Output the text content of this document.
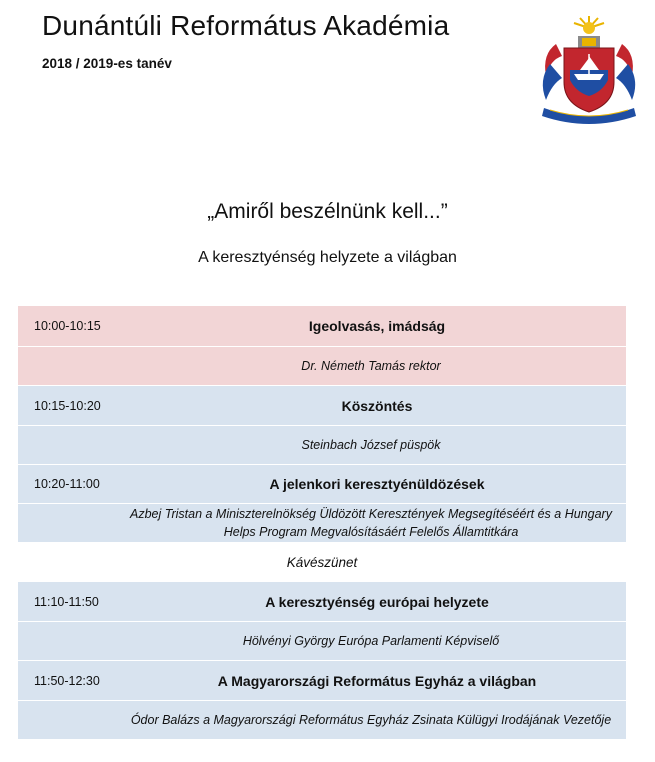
Dunántúli Református Akadémia
2018 / 2019-es tanév
„Amiről beszélnünk kell...”
A keresztyénség helyzete a világban
10:00-10:15	Igeolvasás, imádság
Dr. Németh Tamás rektor
10:15-10:20	Köszöntés
Steinbach József püspök
10:20-11:00	A jelenkori keresztyénüldözések
Azbej Tristan a Miniszterelnökség Üldözött Keresztények Megsegítéséért és a Hungary Helps Program Megvalósításáért Felelős Államtitkára
Kávészünet
11:10-11:50	A keresztyénség európai helyzete
Hölvényi György Európa Parlamenti Képviselő
11:50-12:30	A Magyarországi Református Egyház a világban
Ódor Balázs a Magyarországi Református Egyház Zsinata Külügyi Irodájának Vezetője
